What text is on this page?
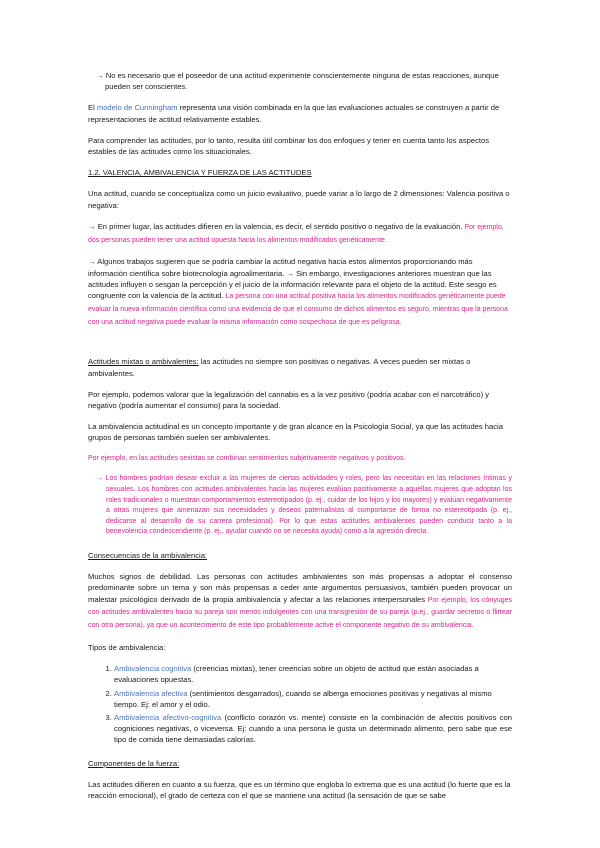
→ No es necesario que el poseedor de una actitud experimente conscientemente ninguna de estas reacciones, aunque pueden ser conscientes.

El modelo de Cunningham representa una visión combinada en la que las evaluaciones actuales se construyen a partir de representaciones de actitud relativamente estables.

Para comprender las actitudes, por lo tanto, resulta útil combinar los dos enfoques y tener en cuenta tanto los aspectos estables de las actitudes como los situacionales.

1.2. VALENCIA, AMBIVALENCIA Y FUERZA DE LAS ACTITUDES

Una actitud, cuando se conceptualiza como un juicio evaluativo, puede variar a lo largo de 2 dimensiones: Valencia positiva o negativa:

→ En primer lugar, las actitudes difieren en la valencia, es decir, el sentido positivo o negativo de la evaluación. Por ejemplo, dos personas pueden tener una actitud opuesta hacia los alimentos modificados genéticamente.

→ Algunos trabajos sugieren que se podría cambiar la actitud negativa hacia estos alimentos proporcionando más información científica sobre biotecnología agroalimentaria. → Sin embargo, investigaciones anteriores muestran que las actitudes influyen o sesgan la percepción y el juicio de la información relevante para el objeto de la actitud. Este sesgo es congruente con la valencia de la actitud. La persona con una actitud positiva hacia los alimentos modificados genéticamente puede evaluar la nueva información científica como una evidencia de que el consumo de dichos alimentos es seguro, mientras que la persona con una actitud negativa puede evaluar la misma información como sospechosa de que es peligrosa.

Actitudes mixtas o ambivalentes: las actitudes no siempre son positivas o negativas. A veces pueden ser mixtas o ambivalentes.

Por ejemplo, podemos valorar que la legalización del cannabis es a la vez positivo (podría acabar con el narcotráfico) y negativo (podría aumentar el consumo) para la sociedad.

La ambivalencia actitudinal es un concepto importante y de gran alcance en la Psicología Social, ya que las actitudes hacia grupos de personas también suelen ser ambivalentes.

Por ejemplo, en las actitudes sexistas se combinan sentimientos subjetivamente negativos y positivos.

→ Los hombres podrían desear excluir a las mujeres de ciertas actividades y roles, pero las necesitan en las relaciones íntimas y sexuales. Los hombres con actitudes ambivalentes hacia las mujeres evalúan positivamente a aquellas mujeres que adoptan los roles tradicionales o muestran comportamientos estereotipados (p. ej., cuidar de los hijos y los mayores) y evalúan negativamente a otras mujeres que amenazan sus necesidades y deseos paternalistas al comportarse de forma no estereotipada (p. ej., dedicarse al desarrollo de su carrera profesional). Por lo que estas actitudes ambivalentes pueden conducir tanto a la benevolencia condescendiente (p. ej., ayudar cuando no se necesita ayuda) como a la agresión directa.

Consecuencias de la ambivalencia:

Muchos signos de debilidad. Las personas con actitudes ambivalentes son más propensas a adoptar el consenso predominante sobre un tema y son más propensas a ceder ante argumentos persuasivos, también pueden provocar un malestar psicológico derivado de la propia ambivalencia y afectar a las relaciones interpersonales Por ejemplo, los cónyuges con actitudes ambivalentes hacia su pareja son menos indulgentes con una transgresión de su pareja (p.ej., guardar secretos o flirtear con otra persona), ya que un acontecimiento de este tipo probablemente active el componente negativo de su ambivalencia.

Tipos de ambivalencia:

1. Ambivalencia cognitiva (creencias mixtas), tener creencias sobre un objeto de actitud que están asociadas a evaluaciones opuestas.
2. Ambivalencia afectiva (sentimientos desgarrados), cuando se alberga emociones positivas y negativas al mismo tiempo. Ej: el amor y el odio.
3. Ambivalencia afectivo-cognitiva (conflicto corazón vs. mente) consiste en la combinación de afectos positivos con cogniciones negativas, o viceversa. Ej: cuando a una persona le gusta un determinado alimento, pero sabe que ese tipo de comida tiene demasiadas calorías.

Componentes de la fuerza:

Las actitudes difieren en cuanto a su fuerza, que es un término que engloba lo extrema que es una actitud (lo fuerte que es la reacción emocional), el grado de certeza con el que se mantiene una actitud (la sensación de que se sabe
